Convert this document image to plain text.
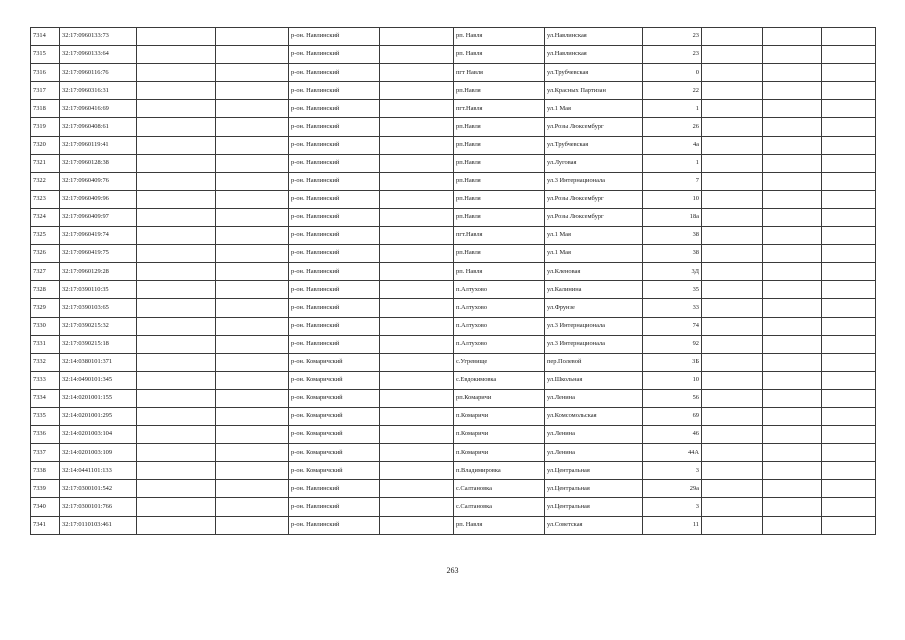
7314	32:17:0960133:73			р-он. Навлинский		рп. Навля	ул.Навлинская	23			
7315	32:17:0960133:64			р-он. Навлинский		рп. Навля	ул.Навлинская	23			
7316	32:17:0960116:76			р-он. Навлинский		пгт Навля	ул.Трубчевская	0			
7317	32:17:0960316:31			р-он. Навлинский		рп.Навля	ул.Красных Партизан	22			
7318	32:17:0960416:69			р-он. Навлинский		пгт.Навля	ул.1 Мая	1			
7319	32:17:0960408:61			р-он. Навлинский		рп.Навля	ул.Розы Люксембург	26			
7320	32:17:0960119:41			р-он. Навлинский		рп.Навля	ул.Трубчевская	4а			
7321	32:17:0960128:38			р-он. Навлинский		рп.Навля	ул.Луговая	1			
7322	32:17:0960409:76			р-он. Навлинский		рп.Навля	ул.3 Интернационала	7			
7323	32:17:0960409:96			р-он. Навлинский		рп.Навля	ул.Розы Люксембург	10			
7324	32:17:0960409:97			р-он. Навлинский		рп.Навля	ул.Розы Люксембург	18а			
7325	32:17:0960419:74			р-он. Навлинский		пгт.Навля	ул.1 Мая	38			
7326	32:17:0960419:75			р-он. Навлинский		рп.Навля	ул.1 Мая	38			
7327	32:17:0960129:28			р-он. Навлинский		рп. Навля	ул.Кленовая	3Д			
7328	32:17:0390110:35			р-он. Навлинский		п.Алтухово	ул.Калинина	35			
7329	32:17:0390103:65			р-он. Навлинский		п.Алтухово	ул.Фрунзе	33			
7330	32:17:0390215:32			р-он. Навлинский		п.Алтухово	ул.3 Интернационала	74			
7331	32:17:0390215:18			р-он. Навлинский		п.Алтухово	ул.3 Интернационала	92			
7332	32:14:0380101:371			р-он. Комаричский		с.Угревище	пер.Полевой	3Б			
7333	32:14:0490101:345			р-он. Комаричский		с.Евдокимовка	ул.Школьная	10			
7334	32:14:0201001:155			р-он. Комаричский		рп.Комаричи	ул.Ленина	56			
7335	32:14:0201001:295			р-он. Комаричский		п.Комаричи	ул.Комсомольская	69			
7336	32:14:0201003:104			р-он. Комаричский		п.Комаричи	ул.Ленина	46			
7337	32:14:0201003:109			р-он. Комаричский		п.Комаричи	ул.Ленина	44А			
7338	32:14:0441101:133			р-он. Комаричский		п.Владимировка	ул.Центральная	3			
7339	32:17:0300101:542			р-он. Навлинский		с.Салтановка	ул.Центральная	29а			
7340	32:17:0300101:766			р-он. Навлинский		с.Салтановка	ул.Центральная	3			
7341	32:17:0110103:461			р-он. Навлинский		рп. Навля	ул.Советская	11			
263
